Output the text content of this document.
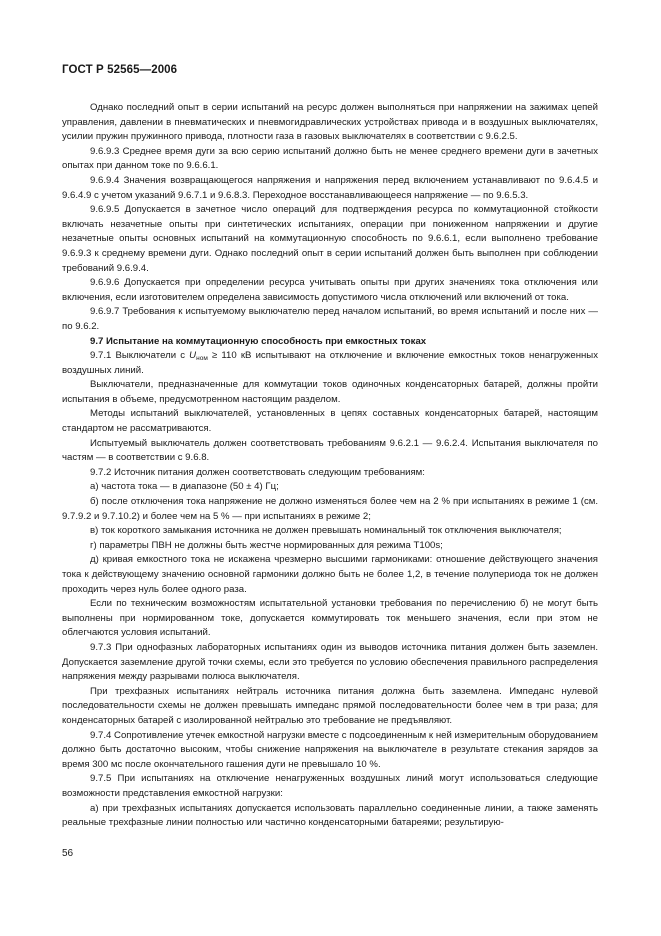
ГОСТ Р 52565—2006

Однако последний опыт в серии испытаний на ресурс должен выполняться при напряжении на зажимах цепей управления, давлении в пневматических и пневмогидравлических устройствах привода и в воздушных выключателях, усилии пружин пружинного привода, плотности газа в газовых выключателях в соответствии с 9.6.2.5.

9.6.9.3 Среднее время дуги за всю серию испытаний должно быть не менее среднего времени дуги в зачетных опытах при данном токе по 9.6.6.1.

9.6.9.4 Значения возвращающегося напряжения и напряжения перед включением устанавливают по 9.6.4.5 и 9.6.4.9 с учетом указаний 9.6.7.1 и 9.6.8.3. Переходное восстанавливающееся напряжение — по 9.6.5.3.

9.6.9.5 Допускается в зачетное число операций для подтверждения ресурса по коммутационной стойкости включать незачетные опыты при синтетических испытаниях, операции при пониженном напряжении и другие незачетные опыты основных испытаний на коммутационную способность по 9.6.6.1, если выполнено требование 9.6.9.3 к среднему времени дуги. Однако последний опыт в серии испытаний должен быть выполнен при соблюдении требований 9.6.9.4.

9.6.9.6 Допускается при определении ресурса учитывать опыты при других значениях тока отключения или включения, если изготовителем определена зависимость допустимого числа отключений или включений от тока.

9.6.9.7 Требования к испытуемому выключателю перед началом испытаний, во время испытаний и после них — по 9.6.2.

9.7 Испытание на коммутационную способность при емкостных токах

9.7.1 Выключатели с $U_{ном} \ge 110$ кВ испытывают на отключение и включение емкостных токов ненагруженных воздушных линий.

Выключатели, предназначенные для коммутации токов одиночных конденсаторных батарей, должны пройти испытания в объеме, предусмотренном настоящим разделом.

Методы испытаний выключателей, установленных в цепях составных конденсаторных батарей, настоящим стандартом не рассматриваются.

Испытуемый выключатель должен соответствовать требованиям 9.6.2.1 — 9.6.2.4. Испытания выключателя по частям — в соответствии с 9.6.8.

9.7.2 Источник питания должен соответствовать следующим требованиям:

а) частота тока — в диапазоне (50 ± 4) Гц;

б) после отключения тока напряжение не должно изменяться более чем на 2 % при испытаниях в режиме 1 (см. 9.7.9.2 и 9.7.10.2) и более чем на 5 % — при испытаниях в режиме 2;

в) ток короткого замыкания источника не должен превышать номинальный ток отключения выключателя;

г) параметры ПВН не должны быть жестче нормированных для режима Т100s;

д) кривая емкостного тока не искажена чрезмерно высшими гармониками: отношение действующего значения тока к действующему значению основной гармоники должно быть не более 1,2, в течение полупериода ток не должен проходить через нуль более одного раза.

Если по техническим возможностям испытательной установки требования по перечислению б) не могут быть выполнены при нормированном токе, допускается коммутировать ток меньшего значения, если при этом не облегчаются условия испытаний.

9.7.3 При однофазных лабораторных испытаниях один из выводов источника питания должен быть заземлен. Допускается заземление другой точки схемы, если это требуется по условию обеспечения правильного распределения напряжения между разрывами полюса выключателя.

При трехфазных испытаниях нейтраль источника питания должна быть заземлена. Импеданс нулевой последовательности схемы не должен превышать импеданс прямой последовательности более чем в три раза; для конденсаторных батарей с изолированной нейтралью это требование не предъявляют.

9.7.4 Сопротивление утечек емкостной нагрузки вместе с подсоединенным к ней измерительным оборудованием должно быть достаточно высоким, чтобы снижение напряжения на выключателе в результате стекания зарядов за время 300 мс после окончательного гашения дуги не превышало 10 %.

9.7.5 При испытаниях на отключение ненагруженных воздушных линий могут использоваться следующие возможности представления емкостной нагрузки:

а) при трехфазных испытаниях допускается использовать параллельно соединенные линии, а также заменять реальные трехфазные линии полностью или частично конденсаторными батареями; результирую-

56
